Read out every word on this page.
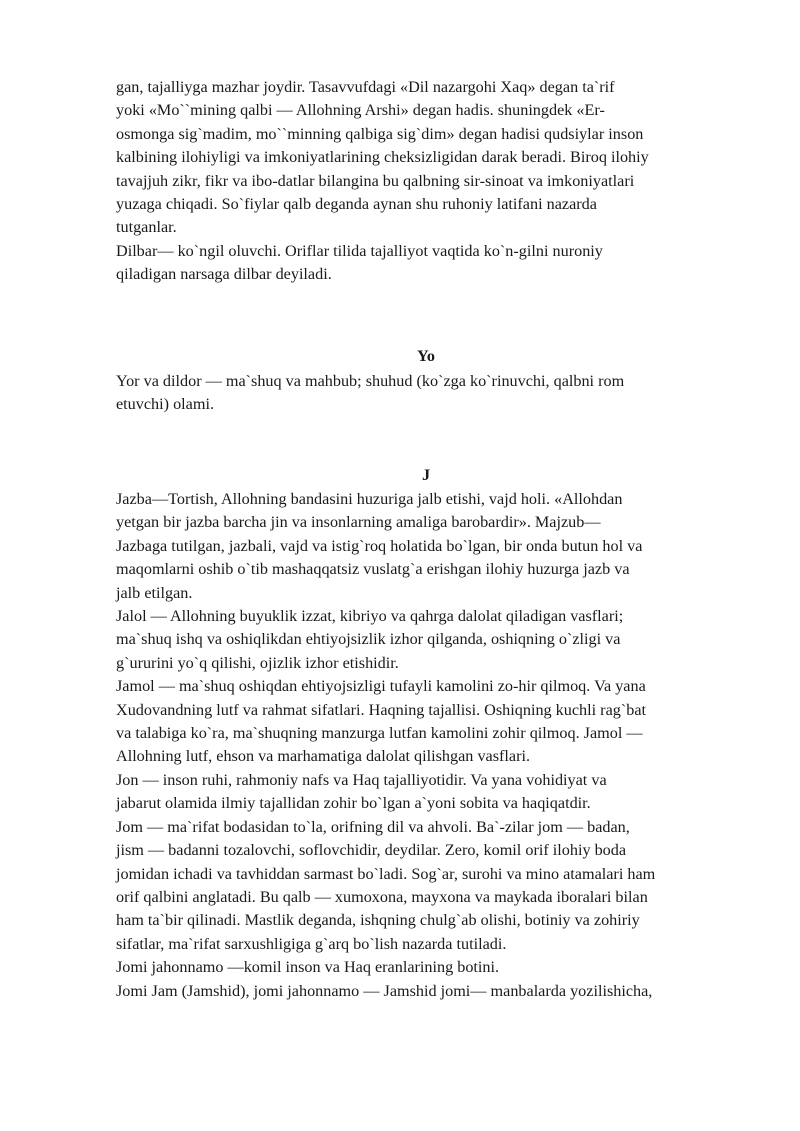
gan, tajalliyga mazhar joydir. Tasavvufdagi «Dil nazargohi Xaq» degan ta`rif
yoki «Mo``mining qalbi — Allohning Arshi» degan hadis. shuningdek «Er-
osmonga sig`madim, mo``minning qalbiga sig`dim» degan hadisi qudsiylar inson
kalbining ilohiyligi va imkoniyatlarining cheksizligidan darak beradi. Biroq ilohiy
tavajjuh zikr, fikr va ibo-datlar bilangina bu qalbning sir-sinoat va imkoniyatlari
yuzaga chiqadi. So`fiylar qalb deganda aynan shu ruhoniy latifani nazarda
tutganlar.
Dilbar— ko`ngil oluvchi. Oriflar tilida tajalliyot vaqtida ko`n-gilni nuroniy
qiladigan narsaga dilbar deyiladi.
Yo
Yor va dildor — ma`shuq va mahbub; shuhud (ko`zga ko`rinuvchi, qalbni rom
etuvchi) olami.
J
Jazba—Tortish, Allohning bandasini huzuriga jalb etishi, vajd holi. «Allohdan
yetgan bir jazba barcha jin va insonlarning amaliga barobardir». Majzub—
Jazbaga tutilgan, jazbali, vajd va istig`roq holatida bo`lgan, bir onda butun hol va
maqomlarni oshib o`tib mashaqqatsiz vuslatg`a erishgan ilohiy huzurga jazb va
jalb etilgan.
Jalol — Allohning buyuklik izzat, kibriyo va qahrga dalolat qiladigan vasflari;
ma`shuq ishq va oshiqlikdan ehtiyojsizlik izhor qilganda, oshiqning o`zligi va
g`ururini yo`q qilishi, ojizlik izhor etishidir.
Jamol — ma`shuq oshiqdan ehtiyojsizligi tufayli kamolini zo-hir qilmoq. Va yana
Xudovandning lutf va rahmat sifatlari. Haqning tajallisi. Oshiqning kuchli rag`bat
va talabiga ko`ra, ma`shuqning manzurga lutfan kamolini zohir qilmoq. Jamol —
Allohning lutf, ehson va marhamatiga dalolat qilishgan vasflari.
Jon — inson ruhi, rahmoniy nafs va Haq tajalliyotidir. Va yana vohidiyat va
jabarut olamida ilmiy tajallidan zohir bo`lgan a`yoni sobita va haqiqatdir.
Jom — ma`rifat bodasidan to`la, orifning dil va ahvoli. Ba`-zilar jom — badan,
jism — badanni tozalovchi, soflovchidir, deydilar. Zero, komil orif ilohiy boda
jomidan ichadi va tavhiddan sarmast bo`ladi. Sog`ar, surohi va mino atamalari ham
orif qalbini anglatadi. Bu qalb — xumoxona, mayxona va maykada iboralari bilan
ham ta`bir qilinadi. Mastlik deganda, ishqning chulg`ab olishi, botiniy va zohiriy
sifatlar, ma`rifat sarxushligiga g`arq bo`lish nazarda tutiladi.
Jomi jahonnamo —komil inson va Haq eranlarining botini.
Jomi Jam (Jamshid), jomi jahonnamo — Jamshid jomi— manbalarda yozilishicha,
